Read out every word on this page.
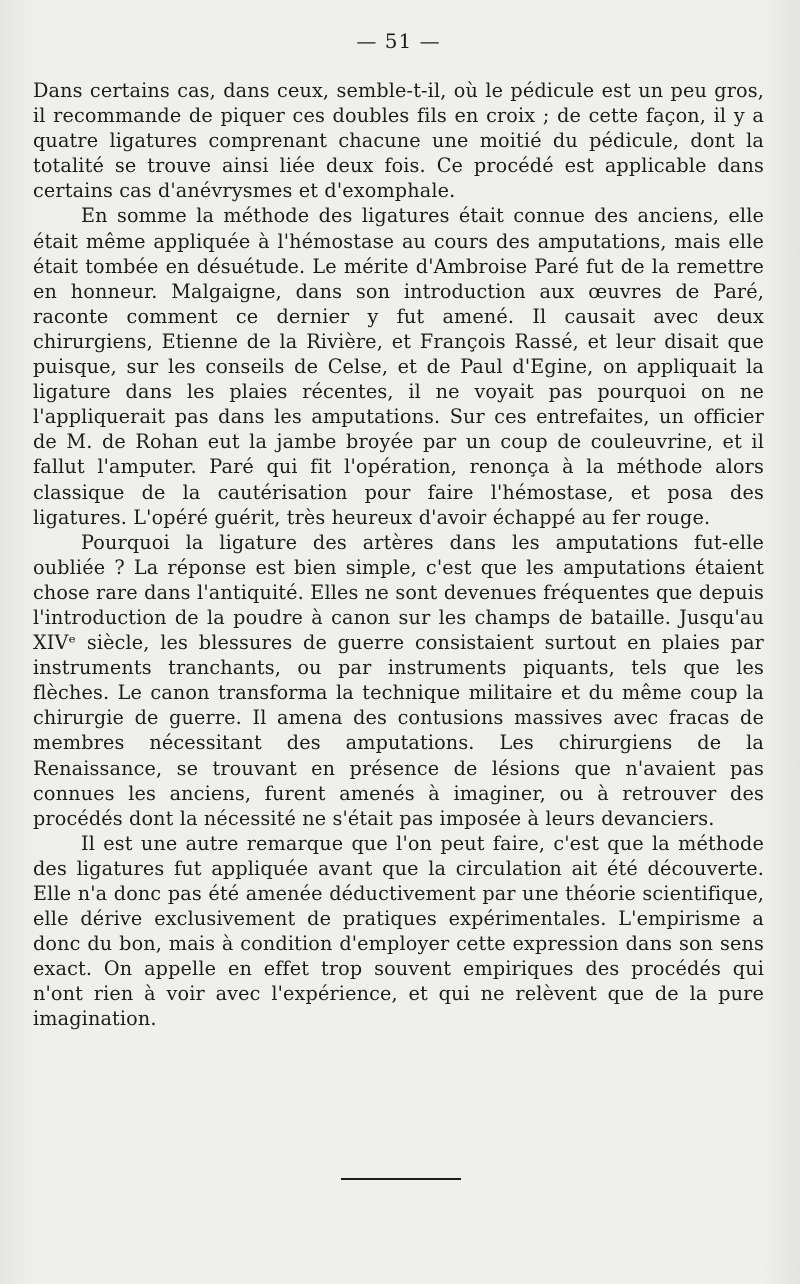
— 51 —

Dans certains cas, dans ceux, semble-t-il, où le pédicule est un peu gros, il recommande de piquer ces doubles fils en croix ; de cette façon, il y a quatre ligatures comprenant chacune une moitié du pédicule, dont la totalité se trouve ainsi liée deux fois. Ce procédé est applicable dans certains cas d'anévrysmes et d'exomphale.

En somme la méthode des ligatures était connue des anciens, elle était même appliquée à l'hémostase au cours des amputations, mais elle était tombée en désuétude. Le mérite d'Ambroise Paré fut de la remettre en honneur. Malgaigne, dans son introduction aux œuvres de Paré, raconte comment ce dernier y fut amené. Il causait avec deux chirurgiens, Etienne de la Rivière, et François Rassé, et leur disait que puisque, sur les conseils de Celse, et de Paul d'Egine, on appliquait la ligature dans les plaies récentes, il ne voyait pas pourquoi on ne l'appliquerait pas dans les amputations. Sur ces entrefaites, un officier de M. de Rohan eut la jambe broyée par un coup de couleuvrine, et il fallut l'amputer. Paré qui fit l'opération, renonça à la méthode alors classique de la cautérisation pour faire l'hémostase, et posa des ligatures. L'opéré guérit, très heureux d'avoir échappé au fer rouge.

Pourquoi la ligature des artères dans les amputations fut-elle oubliée ? La réponse est bien simple, c'est que les amputations étaient chose rare dans l'antiquité. Elles ne sont devenues fréquentes que depuis l'introduction de la poudre à canon sur les champs de bataille. Jusqu'au XIVᵉ siècle, les blessures de guerre consistaient surtout en plaies par instruments tranchants, ou par instruments piquants, tels que les flèches. Le canon transforma la technique militaire et du même coup la chirurgie de guerre. Il amena des contusions massives avec fracas de membres nécessitant des amputations. Les chirurgiens de la Renaissance, se trouvant en présence de lésions que n'avaient pas connues les anciens, furent amenés à imaginer, ou à retrouver des procédés dont la nécessité ne s'était pas imposée à leurs devanciers.

Il est une autre remarque que l'on peut faire, c'est que la méthode des ligatures fut appliquée avant que la circulation ait été découverte. Elle n'a donc pas été amenée déductivement par une théorie scientifique, elle dérive exclusivement de pratiques expérimentales. L'empirisme a donc du bon, mais à condition d'employer cette expression dans son sens exact. On appelle en effet trop souvent empiriques des procédés qui n'ont rien à voir avec l'expérience, et qui ne relèvent que de la pure imagination.
